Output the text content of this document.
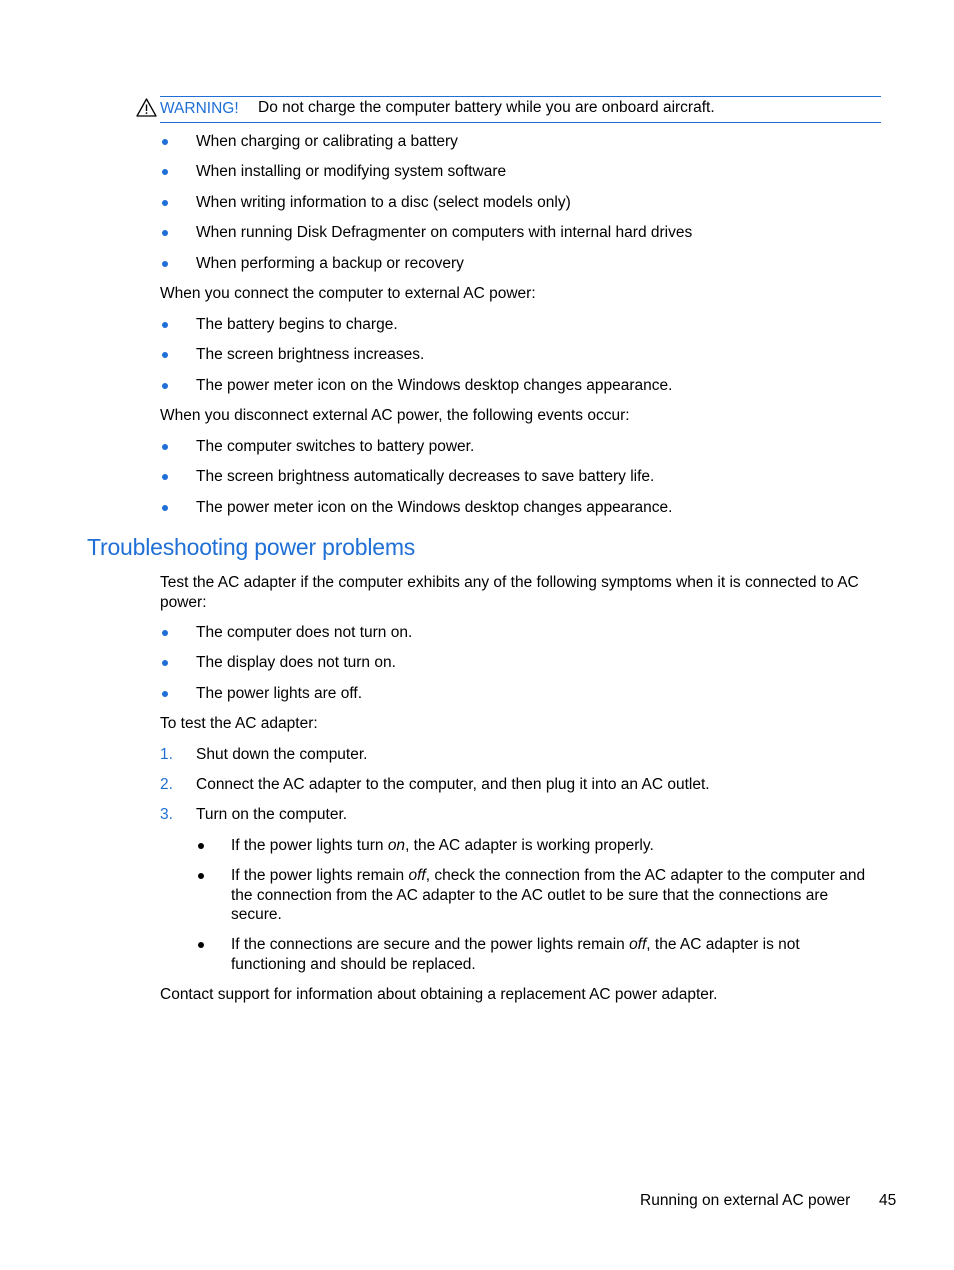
WARNING! Do not charge the computer battery while you are onboard aircraft.
When charging or calibrating a battery
When installing or modifying system software
When writing information to a disc (select models only)
When running Disk Defragmenter on computers with internal hard drives
When performing a backup or recovery
When you connect the computer to external AC power:
The battery begins to charge.
The screen brightness increases.
The power meter icon on the Windows desktop changes appearance.
When you disconnect external AC power, the following events occur:
The computer switches to battery power.
The screen brightness automatically decreases to save battery life.
The power meter icon on the Windows desktop changes appearance.
Troubleshooting power problems
Test the AC adapter if the computer exhibits any of the following symptoms when it is connected to AC power:
The computer does not turn on.
The display does not turn on.
The power lights are off.
To test the AC adapter:
1. Shut down the computer.
2. Connect the AC adapter to the computer, and then plug it into an AC outlet.
3. Turn on the computer.
If the power lights turn on, the AC adapter is working properly.
If the power lights remain off, check the connection from the AC adapter to the computer and the connection from the AC adapter to the AC outlet to be sure that the connections are secure.
If the connections are secure and the power lights remain off, the AC adapter is not functioning and should be replaced.
Contact support for information about obtaining a replacement AC power adapter.
Running on external AC power 45
